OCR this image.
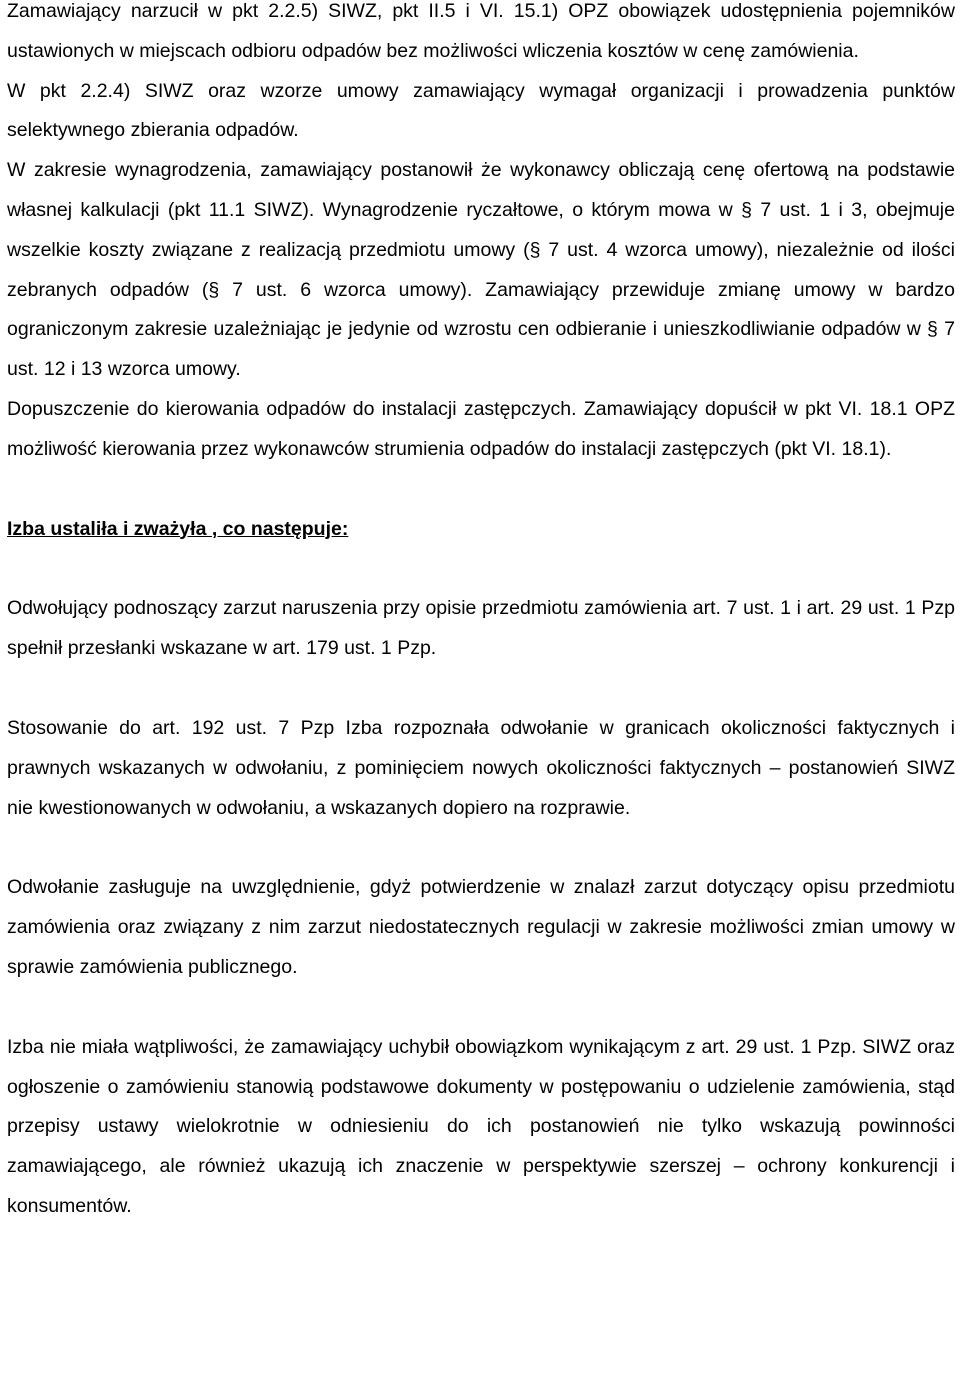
Zamawiający narzucił w pkt 2.2.5) SIWZ, pkt II.5 i VI. 15.1) OPZ obowiązek udostępnienia pojemników ustawionych w miejscach odbioru odpadów bez możliwości wliczenia kosztów w cenę zamówienia.

W pkt 2.2.4) SIWZ oraz wzorze umowy zamawiający wymagał organizacji i prowadzenia punktów selektywnego zbierania odpadów.

W zakresie wynagrodzenia, zamawiający postanowił że wykonawcy obliczają cenę ofertową na podstawie własnej kalkulacji (pkt 11.1 SIWZ). Wynagrodzenie ryczałtowe, o którym mowa w § 7 ust. 1 i 3, obejmuje wszelkie koszty związane z realizacją przedmiotu umowy (§ 7 ust. 4 wzorca umowy), niezależnie od ilości zebranych odpadów (§ 7 ust. 6 wzorca umowy). Zamawiający przewiduje zmianę umowy w bardzo ograniczonym zakresie uzależniając je jedynie od wzrostu cen odbieranie i unieszkodliwianie odpadów w § 7 ust. 12 i 13 wzorca umowy.

Dopuszczenie do kierowania odpadów do instalacji zastępczych. Zamawiający dopuścił w pkt VI. 18.1 OPZ możliwość kierowania przez wykonawców strumienia odpadów do instalacji zastępczych (pkt VI. 18.1).

Izba ustaliła i zważyła , co następuje:

Odwołujący podnoszący zarzut naruszenia przy opisie przedmiotu zamówienia art. 7 ust. 1 i art. 29 ust. 1 Pzp spełnił przesłanki wskazane w art. 179 ust. 1 Pzp.

Stosowanie do art. 192 ust. 7 Pzp Izba rozpoznała odwołanie w granicach okoliczności faktycznych i prawnych wskazanych w odwołaniu, z pominięciem nowych okoliczności faktycznych – postanowień SIWZ nie kwestionowanych w odwołaniu, a wskazanych dopiero na rozprawie.

Odwołanie zasługuje na uwzględnienie, gdyż potwierdzenie w znalazł zarzut dotyczący opisu przedmiotu zamówienia oraz związany z nim zarzut niedostatecznych regulacji w zakresie możliwości zmian umowy w sprawie zamówienia publicznego.

Izba nie miała wątpliwości, że zamawiający uchybił obowiązkom wynikającym z art. 29 ust. 1 Pzp. SIWZ oraz ogłoszenie o zamówieniu stanowią podstawowe dokumenty w postępowaniu o udzielenie zamówienia, stąd przepisy ustawy wielokrotnie w odniesieniu do ich postanowień nie tylko wskazują powinności zamawiającego, ale również ukazują ich znaczenie w perspektywie szerszej – ochrony konkurencji i konsumentów.
